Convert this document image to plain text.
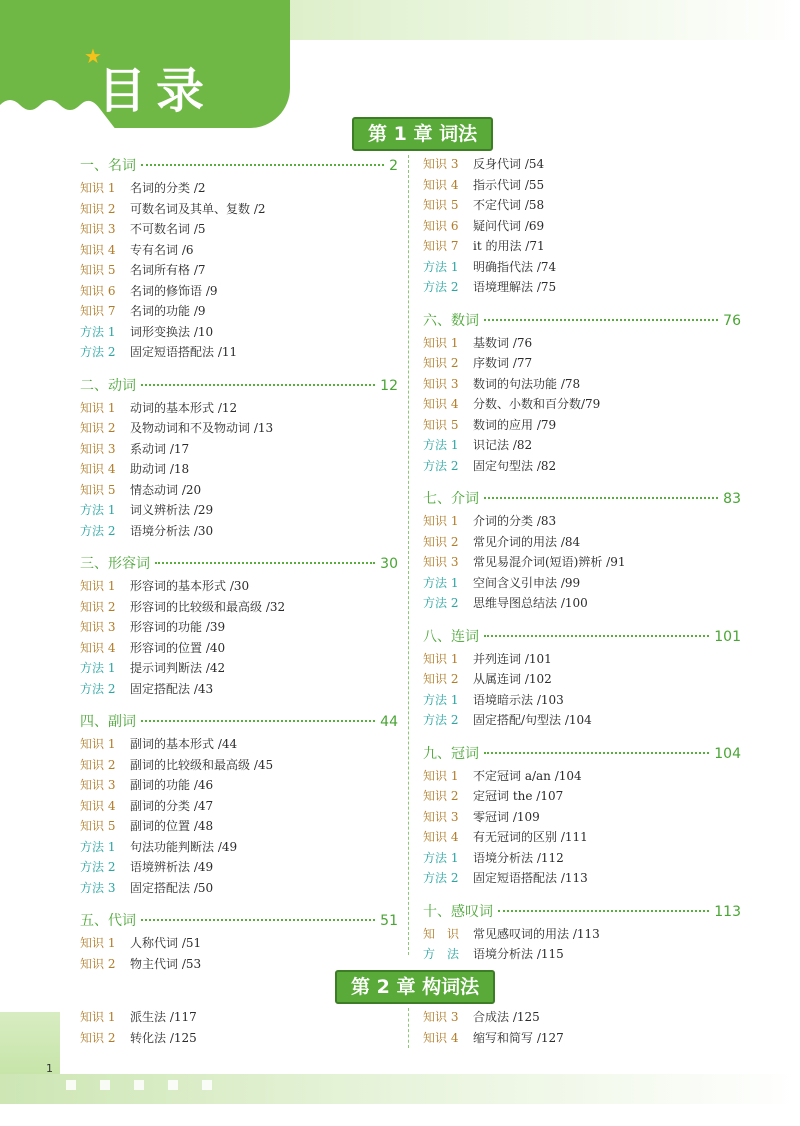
★
目录
第 1 章 词法
一、名词	2
知识 1	名词的分类 /2
知识 2	可数名词及其单、复数 /2
知识 3	不可数名词 /5
知识 4	专有名词 /6
知识 5	名词所有格 /7
知识 6	名词的修饰语 /9
知识 7	名词的功能 /9
方法 1	词形变换法 /10
方法 2	固定短语搭配法 /11
二、动词	12
知识 1	动词的基本形式 /12
知识 2	及物动词和不及物动词 /13
知识 3	系动词 /17
知识 4	助动词 /18
知识 5	情态动词 /20
方法 1	词义辨析法 /29
方法 2	语境分析法 /30
三、形容词	30
知识 1	形容词的基本形式 /30
知识 2	形容词的比较级和最高级 /32
知识 3	形容词的功能 /39
知识 4	形容词的位置 /40
方法 1	提示词判断法 /42
方法 2	固定搭配法 /43
四、副词	44
知识 1	副词的基本形式 /44
知识 2	副词的比较级和最高级 /45
知识 3	副词的功能 /46
知识 4	副词的分类 /47
知识 5	副词的位置 /48
方法 1	句法功能判断法 /49
方法 2	语境辨析法 /49
方法 3	固定搭配法 /50
五、代词	51
知识 1	人称代词 /51
知识 2	物主代词 /53
知识 3	反身代词 /54
知识 4	指示代词 /55
知识 5	不定代词 /58
知识 6	疑问代词 /69
知识 7	it 的用法 /71
方法 1	明确指代法 /74
方法 2	语境理解法 /75
六、数词	76
知识 1	基数词 /76
知识 2	序数词 /77
知识 3	数词的句法功能 /78
知识 4	分数、小数和百分数/79
知识 5	数词的应用 /79
方法 1	识记法 /82
方法 2	固定句型法 /82
七、介词	83
知识 1	介词的分类 /83
知识 2	常见介词的用法 /84
知识 3	常见易混介词(短语)辨析 /91
方法 1	空间含义引申法 /99
方法 2	思维导图总结法 /100
八、连词	101
知识 1	并列连词 /101
知识 2	从属连词 /102
方法 1	语境暗示法 /103
方法 2	固定搭配/句型法 /104
九、冠词	104
知识 1	不定冠词 a/an /104
知识 2	定冠词 the /107
知识 3	零冠词 /109
知识 4	有无冠词的区别 /111
方法 1	语境分析法 /112
方法 2	固定短语搭配法 /113
十、感叹词	113
知　识	常见感叹词的用法 /113
方　法	语境分析法 /115
第 2 章 构词法
知识 1	派生法 /117
知识 2	转化法 /125
知识 3	合成法 /125
知识 4	缩写和简写 /127
1
